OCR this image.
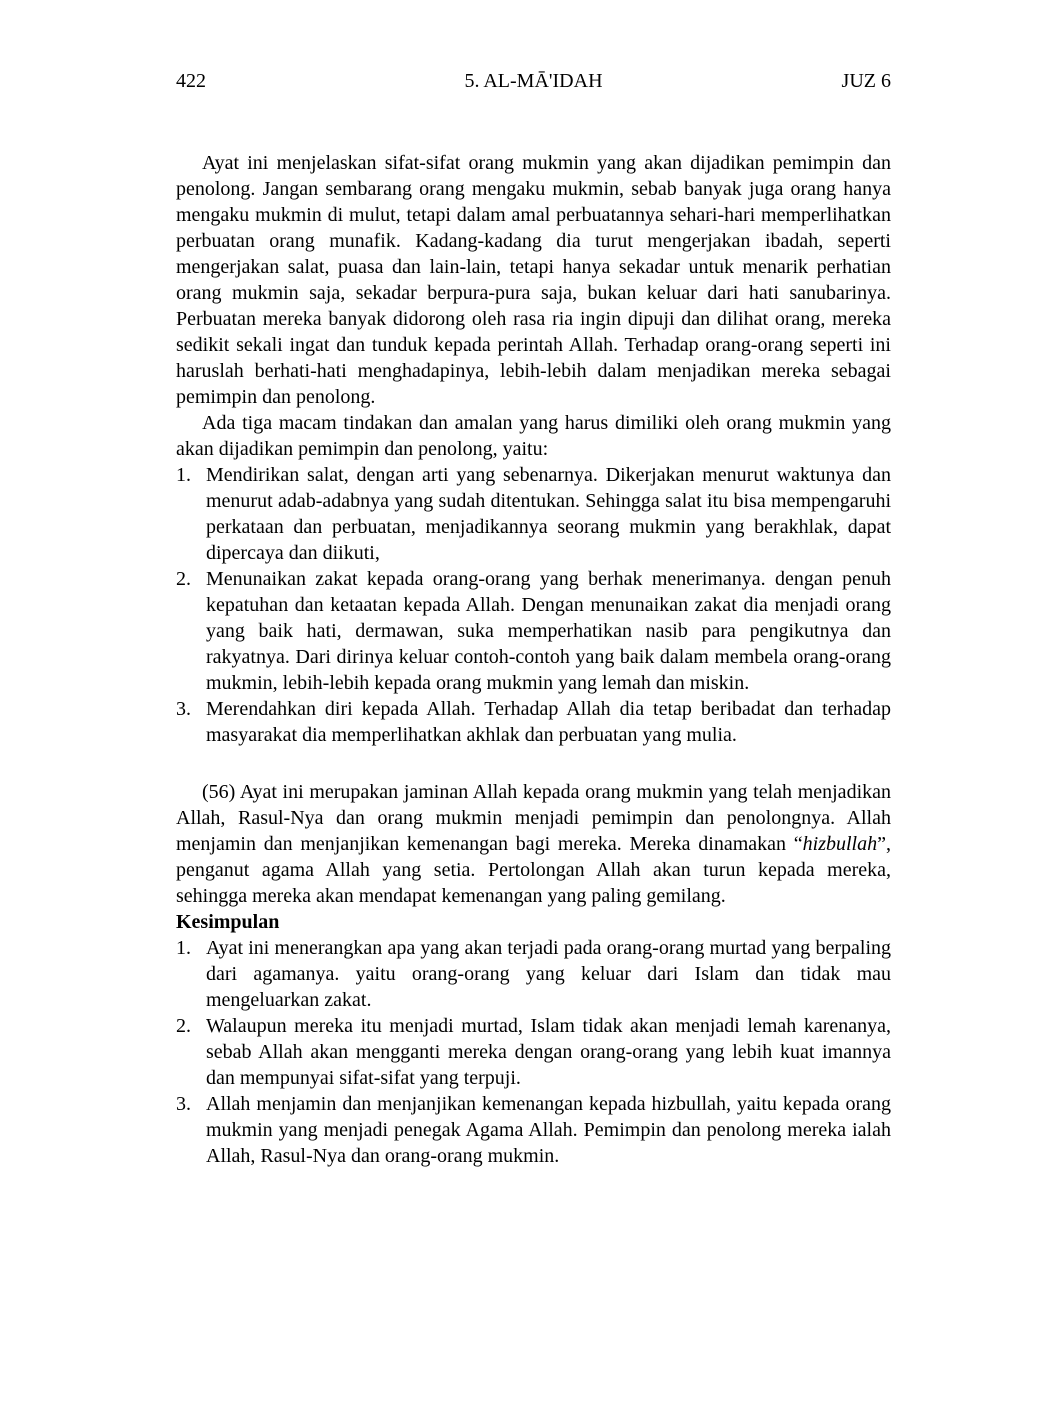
422	5. AL-MĀ'IDAH	JUZ 6

Ayat ini menjelaskan sifat-sifat orang mukmin yang akan dijadikan pemimpin dan penolong. Jangan sembarang orang mengaku mukmin, sebab banyak juga orang hanya mengaku mukmin di mulut, tetapi dalam amal perbuatannya sehari-hari memperlihatkan perbuatan orang munafik. Kadang-kadang dia turut mengerjakan ibadah, seperti mengerjakan salat, puasa dan lain-lain, tetapi hanya sekadar untuk menarik perhatian orang mukmin saja, sekadar berpura-pura saja, bukan keluar dari hati sanubarinya. Perbuatan mereka banyak didorong oleh rasa ria ingin dipuji dan dilihat orang, mereka sedikit sekali ingat dan tunduk kepada perintah Allah. Terhadap orang-orang seperti ini haruslah berhati-hati menghadapinya, lebih-lebih dalam menjadikan mereka sebagai pemimpin dan penolong.

Ada tiga macam tindakan dan amalan yang harus dimiliki oleh orang mukmin yang akan dijadikan pemimpin dan penolong, yaitu:

1. Mendirikan salat, dengan arti yang sebenarnya. Dikerjakan menurut waktunya dan menurut adab-adabnya yang sudah ditentukan. Sehingga salat itu bisa mempengaruhi perkataan dan perbuatan, menjadikannya seorang mukmin yang berakhlak, dapat dipercaya dan diikuti,
2. Menunaikan zakat kepada orang-orang yang berhak menerimanya. dengan penuh kepatuhan dan ketaatan kepada Allah. Dengan menunaikan zakat dia menjadi orang yang baik hati, dermawan, suka memperhatikan nasib para pengikutnya dan rakyatnya. Dari dirinya keluar contoh-contoh yang baik dalam membela orang-orang mukmin, lebih-lebih kepada orang mukmin yang lemah dan miskin.
3. Merendahkan diri kepada Allah. Terhadap Allah dia tetap beribadat dan terhadap masyarakat dia memperlihatkan akhlak dan perbuatan yang mulia.

(56) Ayat ini merupakan jaminan Allah kepada orang mukmin yang telah menjadikan Allah, Rasul-Nya dan orang mukmin menjadi pemimpin dan penolongnya. Allah menjamin dan menjanjikan kemenangan bagi mereka. Mereka dinamakan “hizbullah”, penganut agama Allah yang setia. Pertolongan Allah akan turun kepada mereka, sehingga mereka akan mendapat kemenangan yang paling gemilang.

Kesimpulan

1. Ayat ini menerangkan apa yang akan terjadi pada orang-orang murtad yang berpaling dari agamanya. yaitu orang-orang yang keluar dari Islam dan tidak mau mengeluarkan zakat.
2. Walaupun mereka itu menjadi murtad, Islam tidak akan menjadi lemah karenanya, sebab Allah akan mengganti mereka dengan orang-orang yang lebih kuat imannya dan mempunyai sifat-sifat yang terpuji.
3. Allah menjamin dan menjanjikan kemenangan kepada hizbullah, yaitu kepada orang mukmin yang menjadi penegak Agama Allah. Pemimpin dan penolong mereka ialah Allah, Rasul-Nya dan orang-orang mukmin.
